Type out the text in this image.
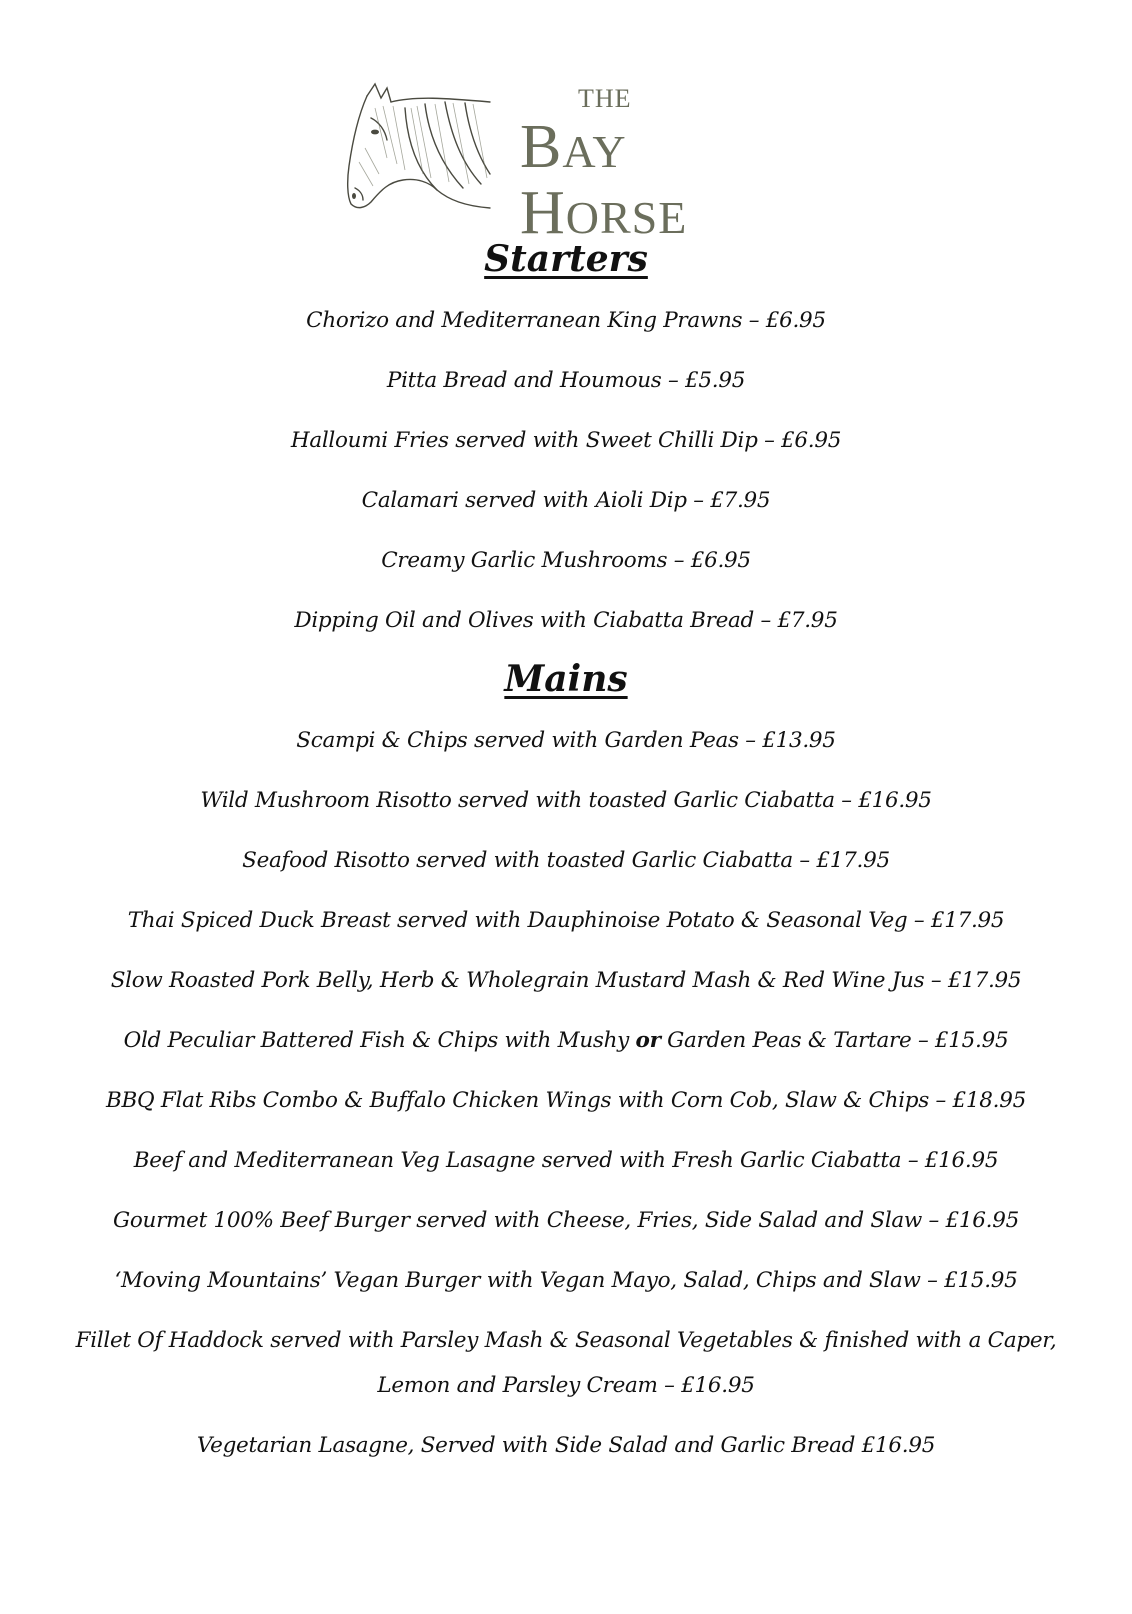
THE
BAY
HORSE
Starters
Chorizo and Mediterranean King Prawns – £6.95
Pitta Bread and Houmous – £5.95
Halloumi Fries served with Sweet Chilli Dip – £6.95
Calamari served with Aioli Dip – £7.95
Creamy Garlic Mushrooms – £6.95
Dipping Oil and Olives with Ciabatta Bread – £7.95
Mains
Scampi & Chips served with Garden Peas – £13.95
Wild Mushroom Risotto served with toasted Garlic Ciabatta – £16.95
Seafood Risotto served with toasted Garlic Ciabatta – £17.95
Thai Spiced Duck Breast served with Dauphinoise Potato & Seasonal Veg – £17.95
Slow Roasted Pork Belly, Herb & Wholegrain Mustard Mash & Red Wine Jus – £17.95
Old Peculiar Battered Fish & Chips with Mushy or Garden Peas & Tartare – £15.95
BBQ Flat Ribs Combo & Buffalo Chicken Wings with Corn Cob, Slaw & Chips – £18.95
Beef and Mediterranean Veg Lasagne served with Fresh Garlic Ciabatta – £16.95
Gourmet 100% Beef Burger served with Cheese, Fries, Side Salad and Slaw – £16.95
‘Moving Mountains’ Vegan Burger with Vegan Mayo, Salad, Chips and Slaw – £15.95
Fillet Of Haddock served with Parsley Mash & Seasonal Vegetables & finished with a Caper, Lemon and Parsley Cream – £16.95
Vegetarian Lasagne, Served with Side Salad and Garlic Bread £16.95
